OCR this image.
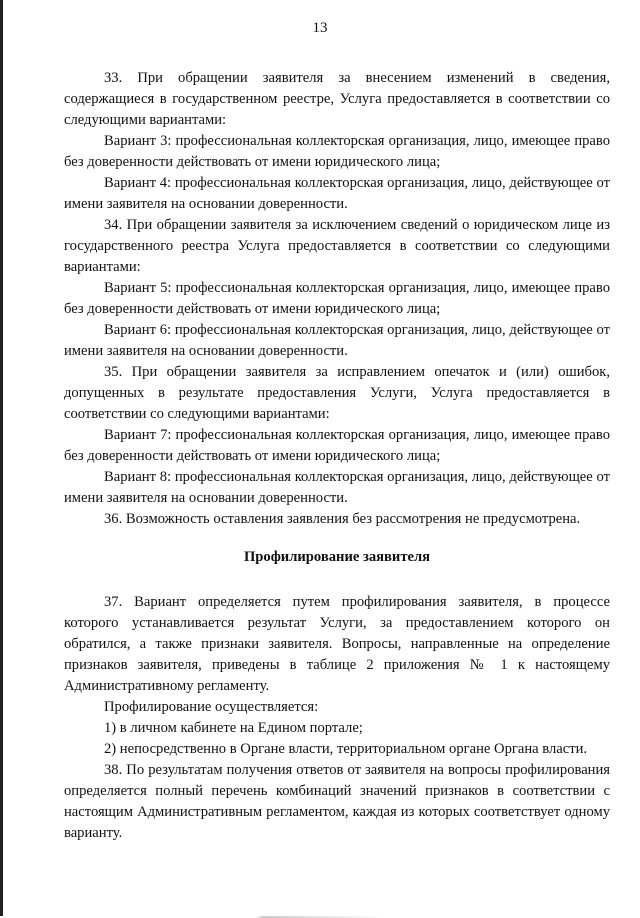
13

33. При обращении заявителя за внесением изменений в сведения, содержащиеся в государственном реестре, Услуга предоставляется в соответствии со следующими вариантами:

Вариант 3: профессиональная коллекторская организация, лицо, имеющее право без доверенности действовать от имени юридического лица;

Вариант 4: профессиональная коллекторская организация, лицо, действующее от имени заявителя на основании доверенности.

34. При обращении заявителя за исключением сведений о юридическом лице из государственного реестра Услуга предоставляется в соответствии со следующими вариантами:

Вариант 5: профессиональная коллекторская организация, лицо, имеющее право без доверенности действовать от имени юридического лица;

Вариант 6: профессиональная коллекторская организация, лицо, действующее от имени заявителя на основании доверенности.

35. При обращении заявителя за исправлением опечаток и (или) ошибок, допущенных в результате предоставления Услуги, Услуга предоставляется в соответствии со следующими вариантами:

Вариант 7: профессиональная коллекторская организация, лицо, имеющее право без доверенности действовать от имени юридического лица;

Вариант 8: профессиональная коллекторская организация, лицо, действующее от имени заявителя на основании доверенности.

36. Возможность оставления заявления без рассмотрения не предусмотрена.

Профилирование заявителя

37. Вариант определяется путем профилирования заявителя, в процессе которого устанавливается результат Услуги, за предоставлением которого он обратился, а также признаки заявителя. Вопросы, направленные на определение признаков заявителя, приведены в таблице 2 приложения № 1 к настоящему Административному регламенту.

Профилирование осуществляется:

1) в личном кабинете на Едином портале;

2) непосредственно в Органе власти, территориальном органе Органа власти.

38. По результатам получения ответов от заявителя на вопросы профилирования определяется полный перечень комбинаций значений признаков в соответствии с настоящим Административным регламентом, каждая из которых соответствует одному варианту.
